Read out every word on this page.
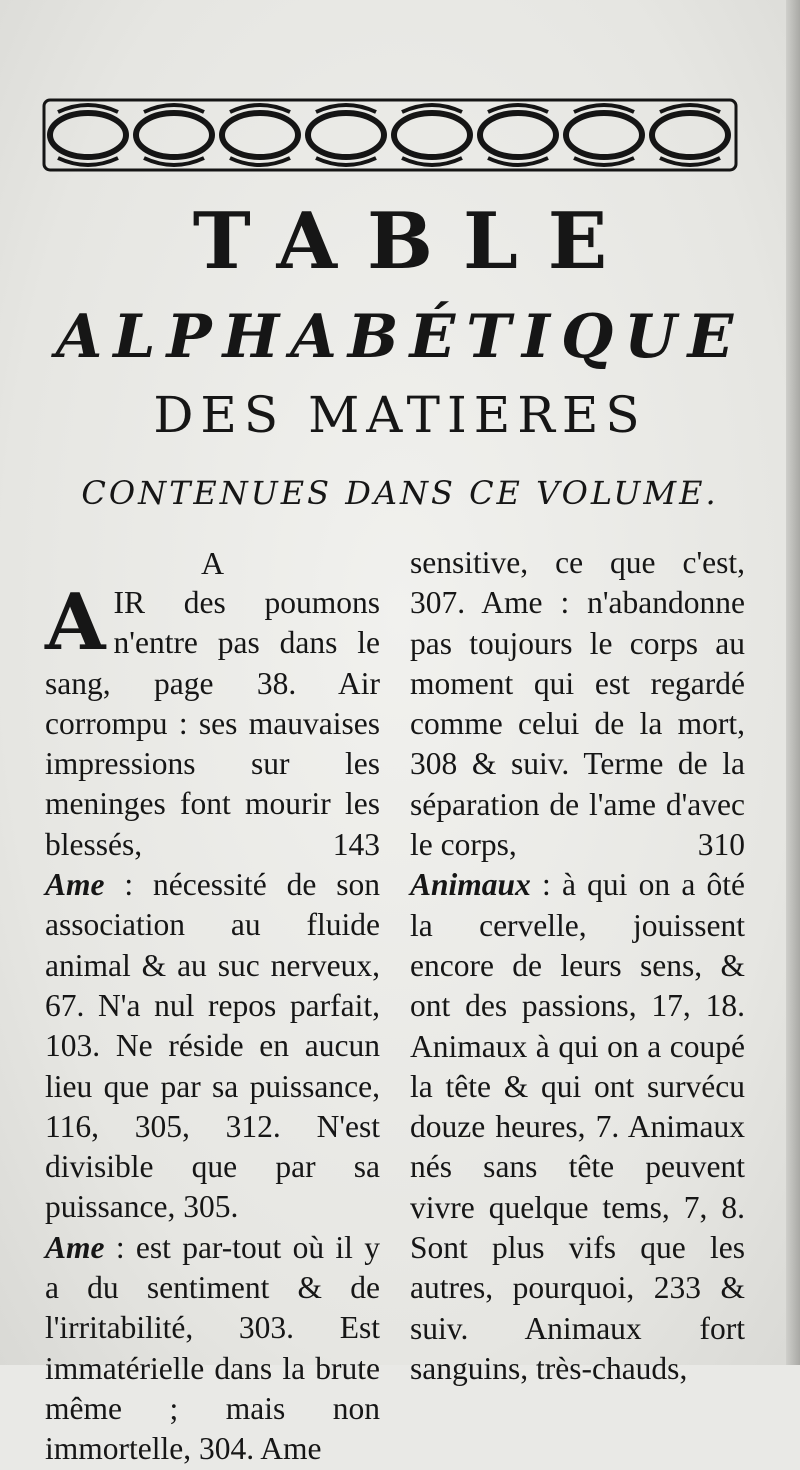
TABLE
ALPHABÉTIQUE
DES MATIERES
CONTENUES DANS CE VOLUME.
A

AIR des poumons n'entre pas dans le sang, page 38. Air corrompu : ses mauvaises impressions sur les meninges font mourir les blessés,	143

Ame : nécessité de son association au fluide animal & au suc nerveux, 67. N'a nul repos parfait, 103. Ne réside en aucun lieu que par sa puissance, 116, 305, 312. N'est divisible que par sa puissance, 305.

Ame : est par-tout où il y a du sentiment & de l'irritabilité, 303. Est immatérielle dans la brute même ; mais non immortelle, 304. Ame

sensitive, ce que c'est, 307. Ame : n'abandonne pas toujours le corps au moment qui est regardé comme celui de la mort, 308 & suiv. Terme de la séparation de l'ame d'avec le corps,	310

Animaux : à qui on a ôté la cervelle, jouissent encore de leurs sens, & ont des passions, 17, 18. Animaux à qui on a coupé la tête & qui ont survécu douze heures, 7. Animaux nés sans tête peuvent vivre quelque tems, 7, 8. Sont plus vifs que les autres, pourquoi, 233 & suiv. Animaux fort sanguins, très-chauds,
